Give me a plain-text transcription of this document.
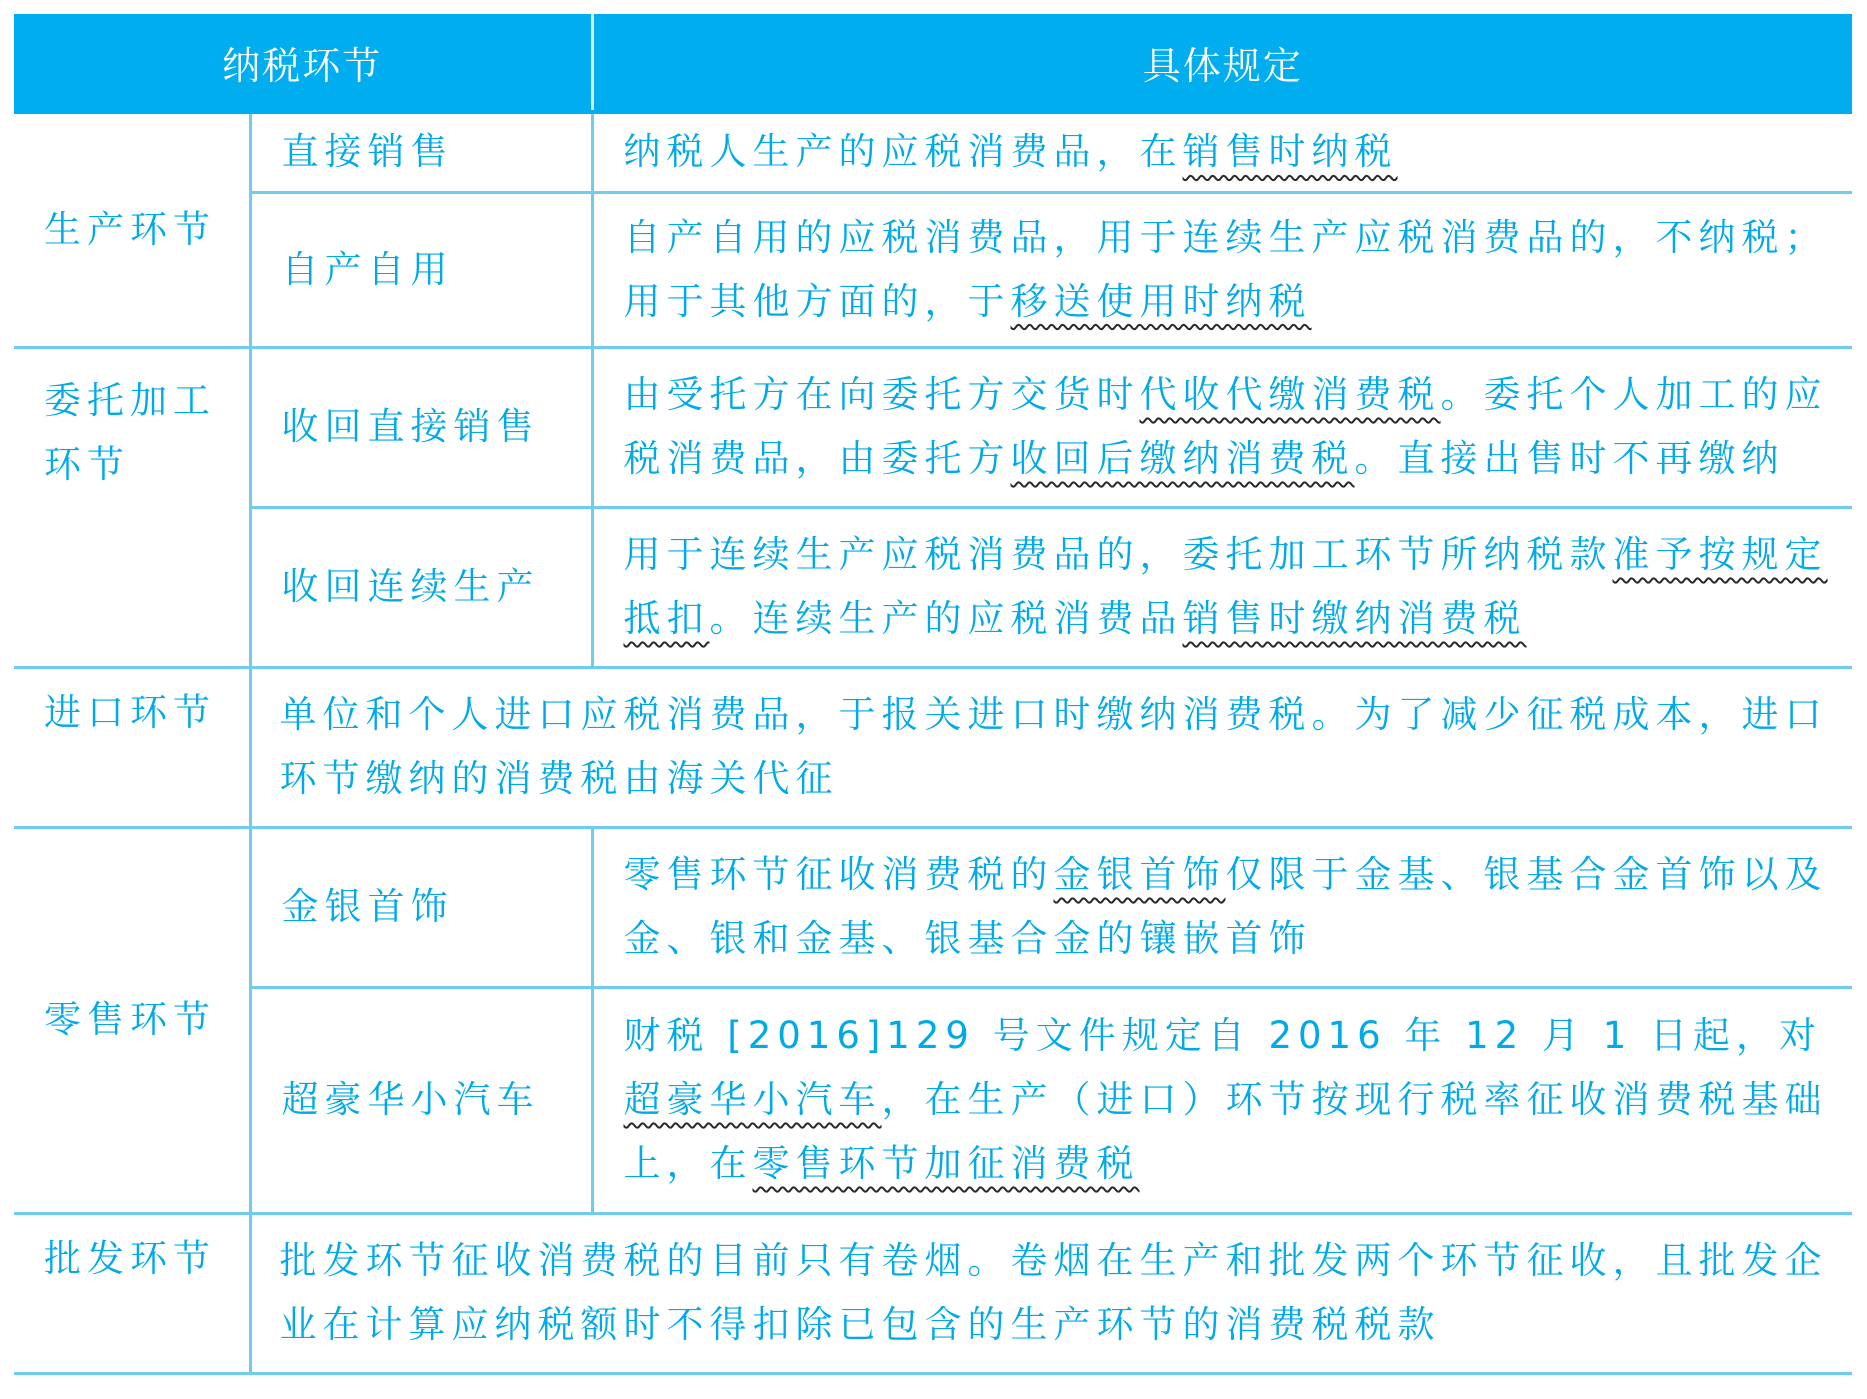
纳税环节		具体规定
生产环节	直接销售	纳税人生产的应税消费品，在销售时纳税
	自产自用	自产自用的应税消费品，用于连续生产应税消费品的，不纳税；用于其他方面的，于移送使用时纳税
委托加工环节	收回直接销售	由受托方在向委托方交货时代收代缴消费税。委托个人加工的应税消费品，由委托方收回后缴纳消费税。直接出售时不再缴纳
	收回连续生产	用于连续生产应税消费品的，委托加工环节所纳税款准予按规定抵扣。连续生产的应税消费品销售时缴纳消费税
进口环节	单位和个人进口应税消费品，于报关进口时缴纳消费税。为了减少征税成本，进口环节缴纳的消费税由海关代征	
零售环节	金银首饰	零售环节征收消费税的金银首饰仅限于金基、银基合金首饰以及金、银和金基、银基合金的镶嵌首饰
	超豪华小汽车	财税 [2016]129 号文件规定自 2016 年 12 月 1 日起，对超豪华小汽车，在生产（进口）环节按现行税率征收消费税基础上，在零售环节加征消费税
批发环节	批发环节征收消费税的目前只有卷烟。卷烟在生产和批发两个环节征收，且批发企业在计算应纳税额时不得扣除已包含的生产环节的消费税税款	
